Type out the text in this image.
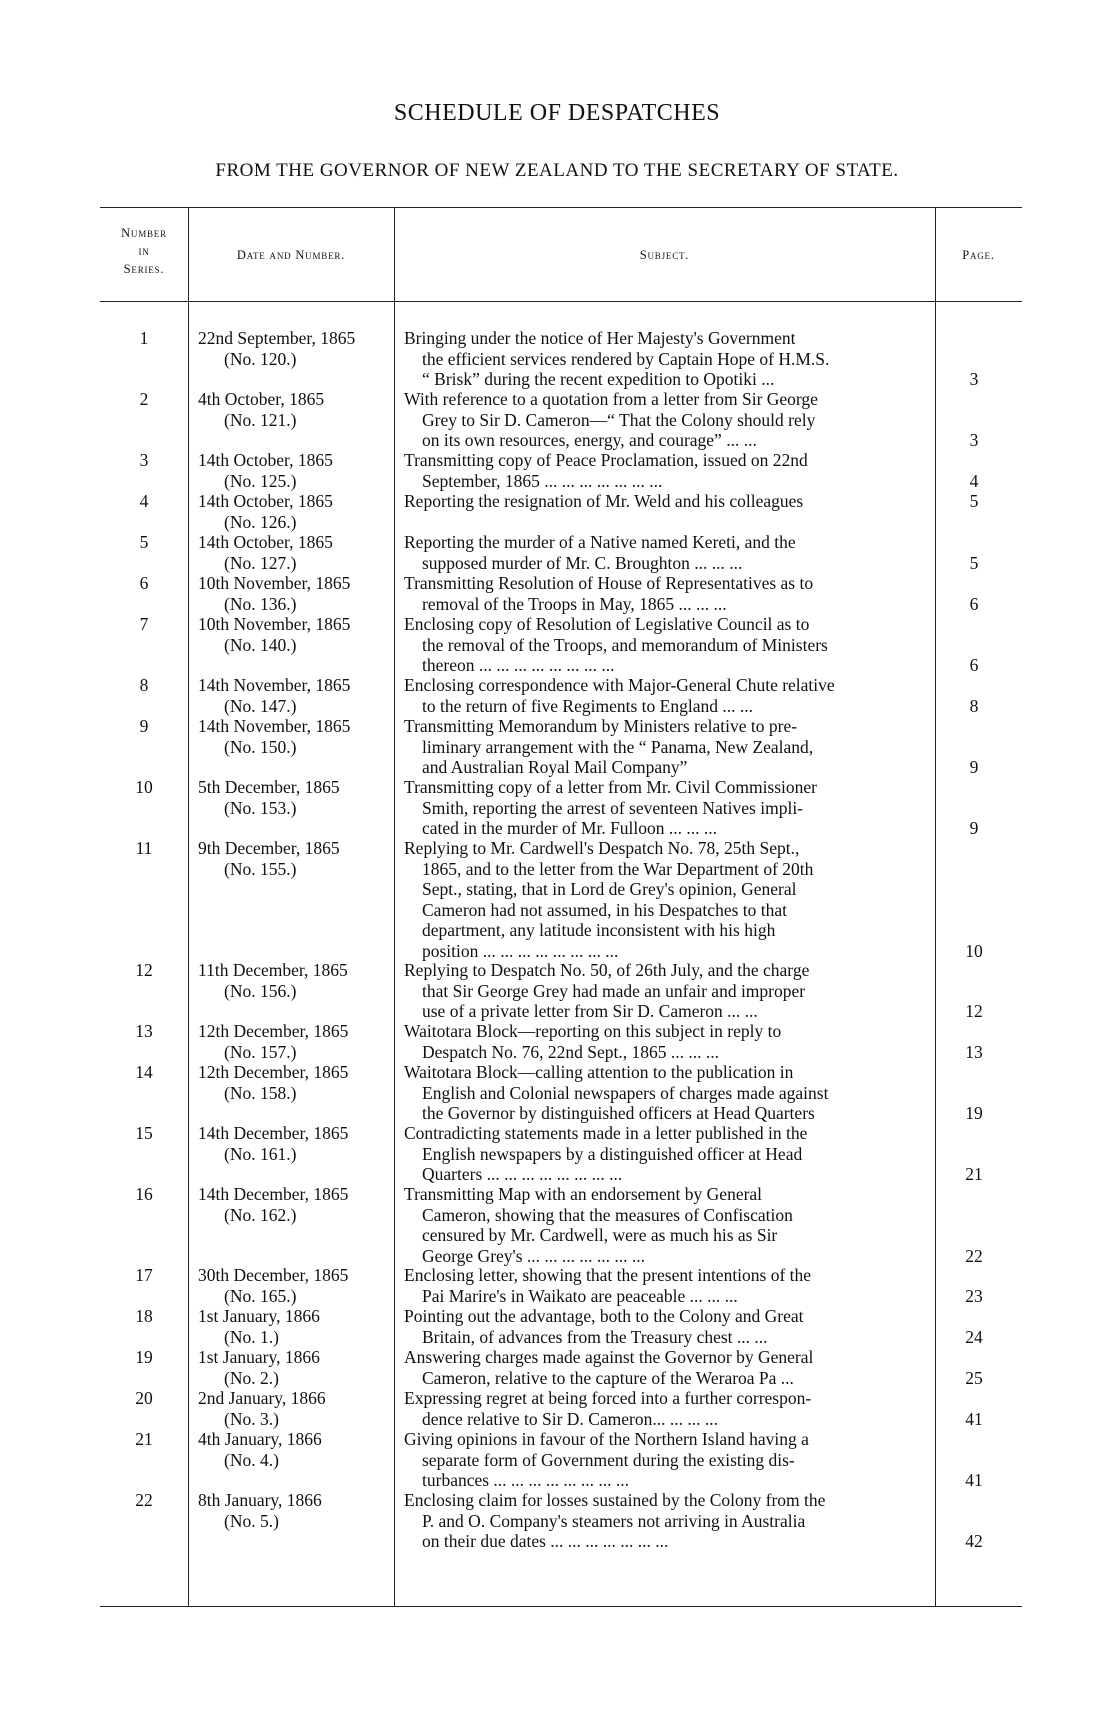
SCHEDULE OF DESPATCHES
FROM THE GOVERNOR OF NEW ZEALAND TO THE SECRETARY OF STATE.
Number
in
Series.
Date and Number.	Subject.	Page.
1	22nd September, 1865
(No. 120.)
Bringing under the notice of Her Majesty's Government
the efficient services rendered by Captain Hope of H.M.S.
“ Brisk” during the recent expedition to Opotiki ...	3
2	4th October, 1865
(No. 121.)
With reference to a quotation from a letter from Sir George
Grey to Sir D. Cameron—“ That the Colony should rely
on its own resources, energy, and courage” ... ...	3
3	14th October, 1865
(No. 125.)
Transmitting copy of Peace Proclamation, issued on 22nd
September, 1865 ... ... ... ... ... ... ...	4
4	14th October, 1865
(No. 126.)
Reporting the resignation of Mr. Weld and his colleagues	5
5	14th October, 1865
(No. 127.)
Reporting the murder of a Native named Kereti, and the
supposed murder of Mr. C. Broughton ... ... ...	5
6	10th November, 1865
(No. 136.)
Transmitting Resolution of House of Representatives as to
removal of the Troops in May, 1865 ... ... ...	6
7	10th November, 1865
(No. 140.)
Enclosing copy of Resolution of Legislative Council as to
the removal of the Troops, and memorandum of Ministers
thereon ... ... ... ... ... ... ... ...	6
8	14th November, 1865
(No. 147.)
Enclosing correspondence with Major-General Chute relative
to the return of five Regiments to England ... ...	8
9	14th November, 1865
(No. 150.)
Transmitting Memorandum by Ministers relative to pre-
liminary arrangement with the “ Panama, New Zealand,
and Australian Royal Mail Company”	9
10	5th December, 1865
(No. 153.)
Transmitting copy of a letter from Mr. Civil Commissioner
Smith, reporting the arrest of seventeen Natives impli-
cated in the murder of Mr. Fulloon ... ... ...	9
11	9th December, 1865
(No. 155.)
Replying to Mr. Cardwell's Despatch No. 78, 25th Sept.,
1865, and to the letter from the War Department of 20th
Sept., stating, that in Lord de Grey's opinion, General
Cameron had not assumed, in his Despatches to that
department, any latitude inconsistent with his high
position ... ... ... ... ... ... ... ...	10
12	11th December, 1865
(No. 156.)
Replying to Despatch No. 50, of 26th July, and the charge
that Sir George Grey had made an unfair and improper
use of a private letter from Sir D. Cameron ... ...	12
13	12th December, 1865
(No. 157.)
Waitotara Block—reporting on this subject in reply to
Despatch No. 76, 22nd Sept., 1865 ... ... ...	13
14	12th December, 1865
(No. 158.)
Waitotara Block—calling attention to the publication in
English and Colonial newspapers of charges made against
the Governor by distinguished officers at Head Quarters	19
15	14th December, 1865
(No. 161.)
Contradicting statements made in a letter published in the
English newspapers by a distinguished officer at Head
Quarters ... ... ... ... ... ... ... ...	21
16	14th December, 1865
(No. 162.)
Transmitting Map with an endorsement by General
Cameron, showing that the measures of Confiscation
censured by Mr. Cardwell, were as much his as Sir
George Grey's ... ... ... ... ... ... ...	22
17	30th December, 1865
(No. 165.)
Enclosing letter, showing that the present intentions of the
Pai Marire's in Waikato are peaceable ... ... ...	23
18	1st January, 1866
(No. 1.)
Pointing out the advantage, both to the Colony and Great
Britain, of advances from the Treasury chest ... ...	24
19	1st January, 1866
(No. 2.)
Answering charges made against the Governor by General
Cameron, relative to the capture of the Weraroa Pa ...	25
20	2nd January, 1866
(No. 3.)
Expressing regret at being forced into a further correspon-
dence relative to Sir D. Cameron... ... ... ...	41
21	4th January, 1866
(No. 4.)
Giving opinions in favour of the Northern Island having a
separate form of Government during the existing dis-
turbances ... ... ... ... ... ... ... ...	41
22	8th January, 1866
(No. 5.)
Enclosing claim for losses sustained by the Colony from the
P. and O. Company's steamers not arriving in Australia
on their due dates ... ... ... ... ... ... ...	42
